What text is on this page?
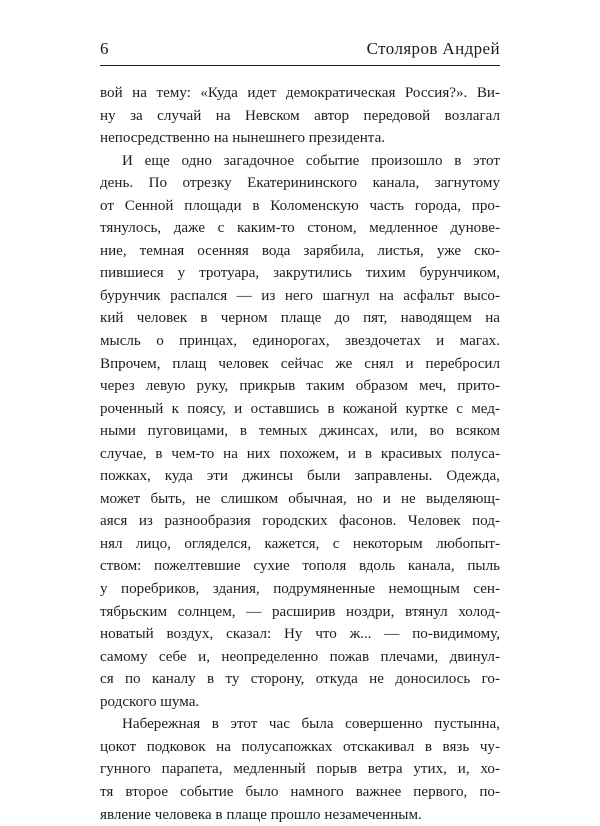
6	Столяров Андрей
вой на тему: «Куда идет демократическая Россия?». Ви-
ну за случай на Невском автор передовой возлагал
непосредственно на нынешнего президента.
И еще одно загадочное событие произошло в этот
день. По отрезку Екатерининского канала, загнутому
от Сенной площади в Коломенскую часть города, про-
тянулось, даже с каким-то стоном, медленное дунове-
ние, темная осенняя вода зарябила, листья, уже ско-
пившиеся у тротуара, закрутились тихим бурунчиком,
бурунчик распался — из него шагнул на асфальт высо-
кий человек в черном плаще до пят, наводящем на
мысль о принцах, единорогах, звездочетах и магах.
Впрочем, плащ человек сейчас же снял и перебросил
через левую руку, прикрыв таким образом меч, прито-
роченный к поясу, и оставшись в кожаной куртке с мед-
ными пуговицами, в темных джинсах, или, во всяком
случае, в чем-то на них похожем, и в красивых полуса-
пожках, куда эти джинсы были заправлены. Одежда,
может быть, не слишком обычная, но и не выделяющ-
аяся из разнообразия городских фасонов. Человек под-
нял лицо, огляделся, кажется, с некоторым любопыт-
ством: пожелтевшие сухие тополя вдоль канала, пыль
у поребриков, здания, подрумяненные немощным сен-
тябрьским солнцем, — расширив ноздри, втянул холод-
новатый воздух, сказал: Ну что ж... — по-видимому,
самому себе и, неопределенно пожав плечами, двинул-
ся по каналу в ту сторону, откуда не доносилось го-
родского шума.
Набережная в этот час была совершенно пустынна,
цокот подковок на полусапожках отскакивал в вязь чу-
гунного парапета, медленный порыв ветра утих, и, хо-
тя второе событие было намного важнее первого, по-
явление человека в плаще прошло незамеченным.
